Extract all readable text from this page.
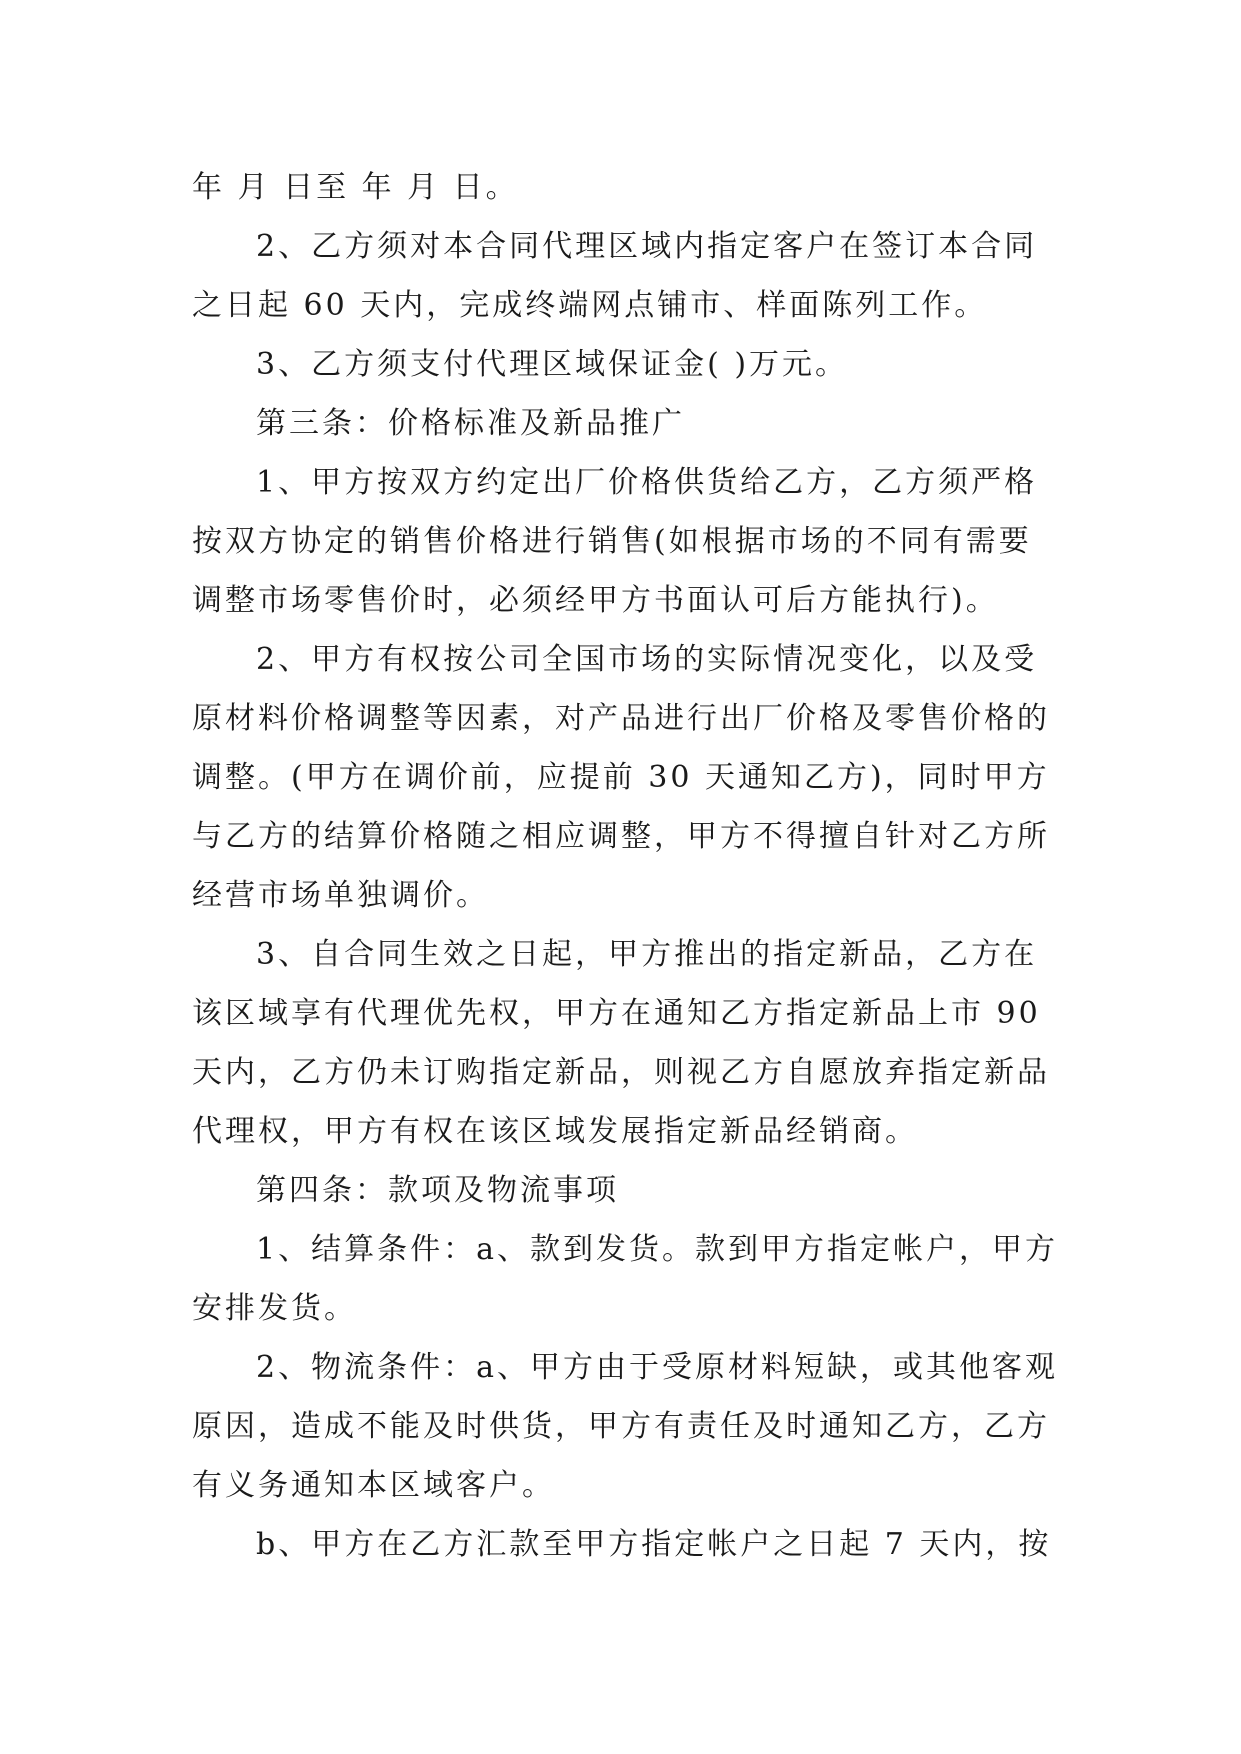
年 月 日至 年 月 日。

2、乙方须对本合同代理区域内指定客户在签订本合同

之日起 60 天内，完成终端网点铺市、样面陈列工作。

3、乙方须支付代理区域保证金( )万元。

第三条：价格标准及新品推广

1、甲方按双方约定出厂价格供货给乙方，乙方须严格

按双方协定的销售价格进行销售(如根据市场的不同有需要

调整市场零售价时，必须经甲方书面认可后方能执行)。

2、甲方有权按公司全国市场的实际情况变化，以及受

原材料价格调整等因素，对产品进行出厂价格及零售价格的

调整。(甲方在调价前，应提前 30 天通知乙方)，同时甲方

与乙方的结算价格随之相应调整，甲方不得擅自针对乙方所

经营市场单独调价。

3、自合同生效之日起，甲方推出的指定新品，乙方在

该区域享有代理优先权，甲方在通知乙方指定新品上市 90

天内，乙方仍未订购指定新品，则视乙方自愿放弃指定新品

代理权，甲方有权在该区域发展指定新品经销商。

第四条：款项及物流事项

1、结算条件：a、款到发货。款到甲方指定帐户，甲方

安排发货。

2、物流条件：a、甲方由于受原材料短缺，或其他客观

原因，造成不能及时供货，甲方有责任及时通知乙方，乙方

有义务通知本区域客户。

b、甲方在乙方汇款至甲方指定帐户之日起 7 天内，按
